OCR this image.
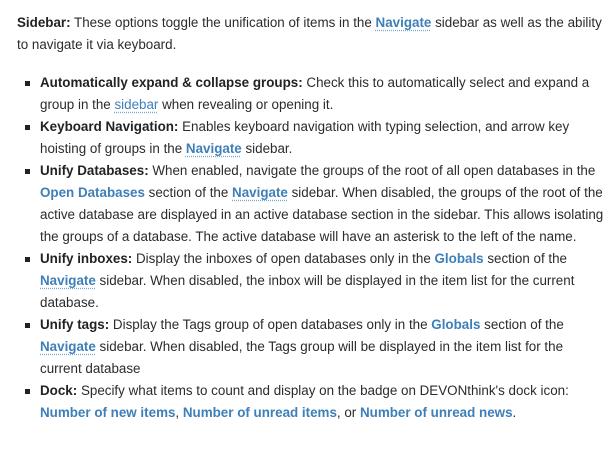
Sidebar: These options toggle the unification of items in the Navigate sidebar as well as the ability to navigate it via keyboard.

Automatically expand & collapse groups: Check this to automatically select and expand a group in the sidebar when revealing or opening it.
Keyboard Navigation: Enables keyboard navigation with typing selection, and arrow key hoisting of groups in the Navigate sidebar.
Unify Databases: When enabled, navigate the groups of the root of all open databases in the Open Databases section of the Navigate sidebar. When disabled, the groups of the root of the active database are displayed in an active database section in the sidebar. This allows isolating the groups of a database. The active database will have an asterisk to the left of the name.
Unify inboxes: Display the inboxes of open databases only in the Globals section of the Navigate sidebar. When disabled, the inbox will be displayed in the item list for the current database.
Unify tags: Display the Tags group of open databases only in the Globals section of the Navigate sidebar. When disabled, the Tags group will be displayed in the item list for the current database
Dock: Specify what items to count and display on the badge on DEVONthink's dock icon: Number of new items, Number of unread items, or Number of unread news.
